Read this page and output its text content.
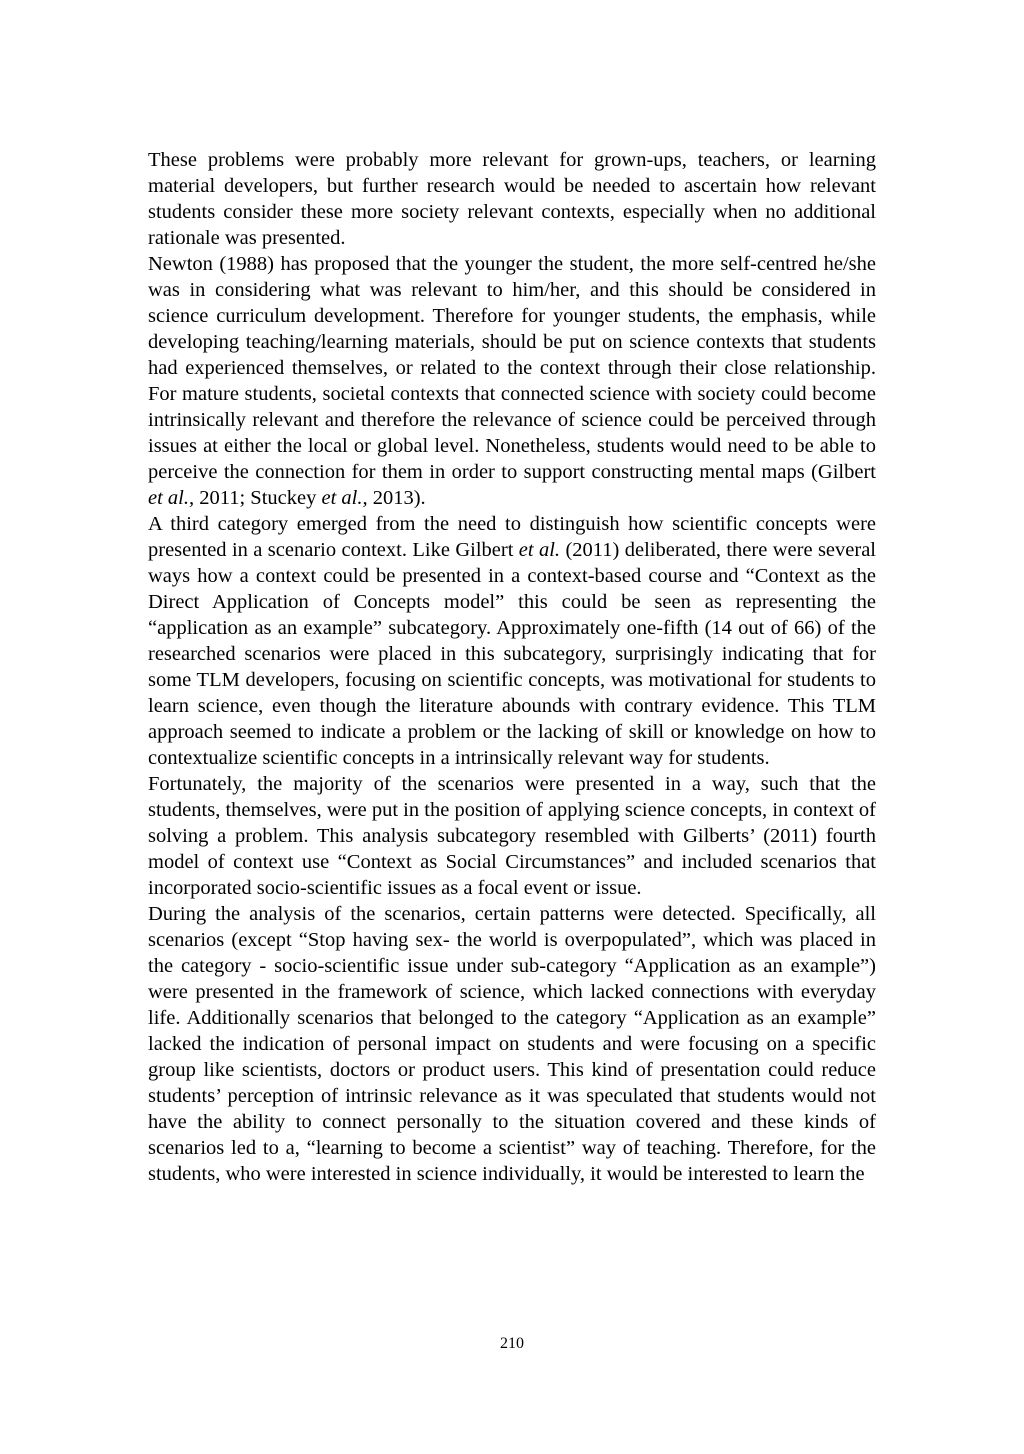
These problems were probably more relevant for grown-ups, teachers, or learning material developers, but further research would be needed to ascertain how relevant students consider these more society relevant contexts, especially when no additional rationale was presented.

Newton (1988) has proposed that the younger the student, the more self-centred he/she was in considering what was relevant to him/her, and this should be considered in science curriculum development. Therefore for younger students, the emphasis, while developing teaching/learning materials, should be put on science contexts that students had experienced themselves, or related to the context through their close relationship. For mature students, societal contexts that connected science with society could become intrinsically relevant and therefore the relevance of science could be perceived through issues at either the local or global level. Nonetheless, students would need to be able to perceive the connection for them in order to support constructing mental maps (Gilbert et al., 2011; Stuckey et al., 2013).

A third category emerged from the need to distinguish how scientific concepts were presented in a scenario context. Like Gilbert et al. (2011) deliberated, there were several ways how a context could be presented in a context-based course and “Context as the Direct Application of Concepts model” this could be seen as representing the “application as an example” subcategory. Approximately one-fifth (14 out of 66) of the researched scenarios were placed in this subcategory, surprisingly indicating that for some TLM developers, focusing on scientific concepts, was motivational for students to learn science, even though the literature abounds with contrary evidence. This TLM approach seemed to indicate a problem or the lacking of skill or knowledge on how to contextualize scientific concepts in a intrinsically relevant way for students.

Fortunately, the majority of the scenarios were presented in a way, such that the students, themselves, were put in the position of applying science concepts, in context of solving a problem. This analysis subcategory resembled with Gilberts’ (2011) fourth model of context use “Context as Social Circumstances” and included scenarios that incorporated socio-scientific issues as a focal event or issue.

During the analysis of the scenarios, certain patterns were detected. Specifically, all scenarios (except “Stop having sex- the world is overpopulated”, which was placed in the category - socio-scientific issue under sub-category “Application as an example”) were presented in the framework of science, which lacked connections with everyday life. Additionally scenarios that belonged to the category “Application as an example” lacked the indication of personal impact on students and were focusing on a specific group like scientists, doctors or product users. This kind of presentation could reduce students’ perception of intrinsic relevance as it was speculated that students would not have the ability to connect personally to the situation covered and these kinds of scenarios led to a, “learning to become a scientist” way of teaching. Therefore, for the students, who were interested in science individually, it would be interested to learn the

210
